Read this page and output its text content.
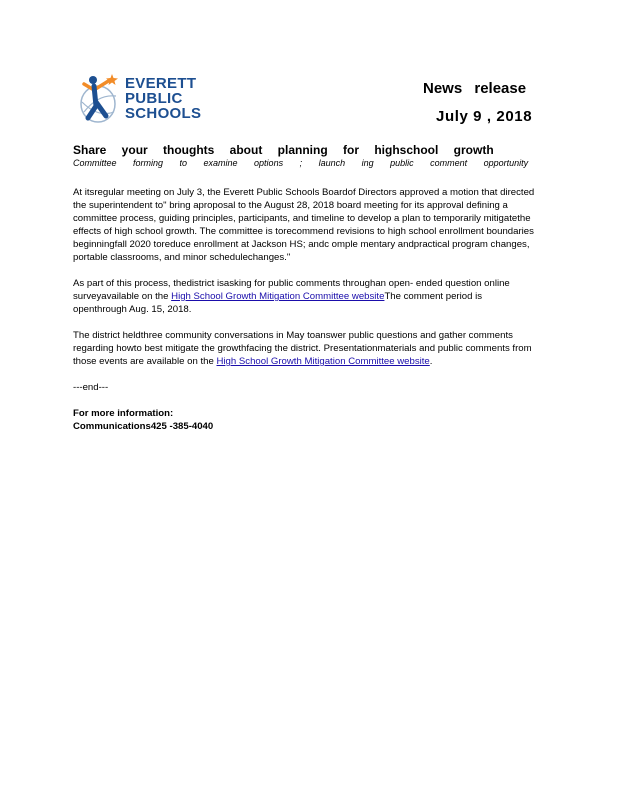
EVERETT
PUBLIC
SCHOOLS
News release
July 9 , 2018
Share your thoughts about planning for highschool growth
Committee forming to examine options ; launch ing public comment opportunity

At itsregular meeting on July 3, the Everett Public Schools Boardof Directors approved a motion that directed the superintendent to" bring aproposal to the August 28, 2018 board meeting for its approval defining a committee process, guiding principles, participants, and timeline to develop a plan to temporarily mitigatethe effects of high school growth. The committee is torecommend revisions to high school enrollment boundaries beginningfall 2020 toreduce enrollment at Jackson HS; andc omple mentary andpractical program changes, portable classrooms, and minor schedulechanges."

As part of this process, thedistrict isasking for public comments throughan open- ended question online surveyavailable on the High School Growth Mitigation Committee websiteThe comment period is openthrough Aug. 15, 2018.

The district heldthree community conversations in May toanswer public questions and gather comments regarding howto best mitigate the growthfacing the district. Presentationmaterials and public comments from those events are available on the High School Growth Mitigation Committee website.

---end---

For more information:
Communications425 -385-4040
